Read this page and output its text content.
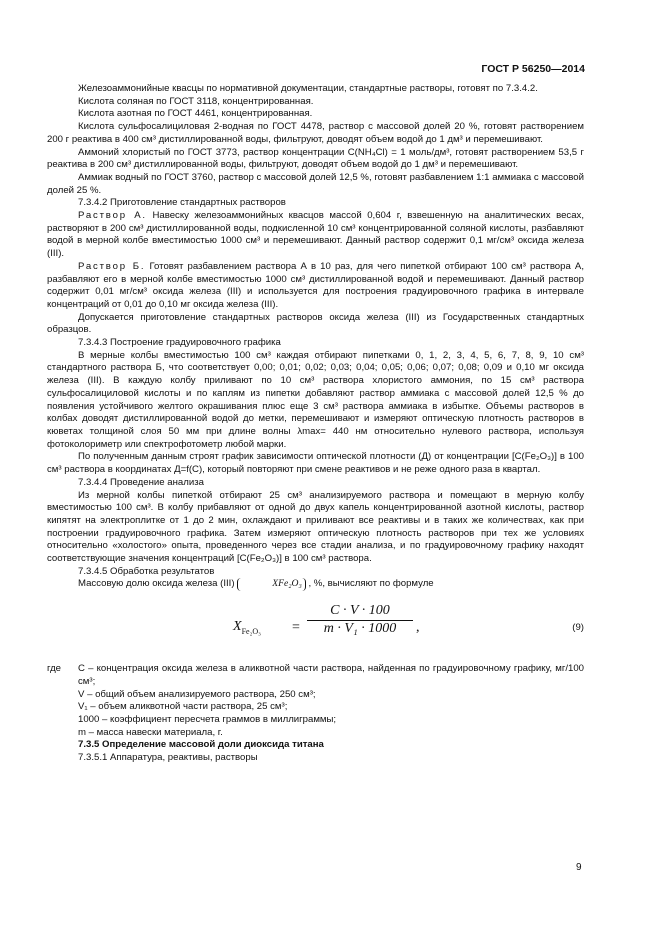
ГОСТ Р 56250—2014

Железоаммонийные квасцы по нормативной документации, стандартные растворы, готовят по 7.3.4.2.

Кислота соляная по ГОСТ 3118, концентрированная.

Кислота азотная по ГОСТ 4461, концентрированная.

Кислота сульфосалициловая 2-водная по ГОСТ 4478, раствор с массовой долей 20 %, готовят растворением 200 г реактива в 400 см³ дистиллированной воды, фильтруют, доводят объем водой до 1 дм³ и перемешивают.

Аммоний хлористый по ГОСТ 3773, раствор концентрации C(NH₄Cl) = 1 моль/дм³, готовят растворением 53,5 г реактива в 200 см³ дистиллированной воды, фильтруют, доводят объем водой до 1 дм³ и перемешивают.

Аммиак водный по ГОСТ 3760, раствор с массовой долей 12,5 %, готовят разбавлением 1:1 аммиака с массовой долей 25 %.

7.3.4.2 Приготовление стандартных растворов

Раствор А. Навеску железоаммонийных квасцов массой 0,604 г, взвешенную на аналитических весах, растворяют в 200 см³ дистиллированной воды, подкисленной 10 см³ концентрированной соляной кислоты, разбавляют водой в мерной колбе вместимостью 1000 см³ и перемешивают. Данный раствор содержит 0,1 мг/см³ оксида железа (III).

Раствор Б. Готовят разбавлением раствора А в 10 раз, для чего пипеткой отбирают 100 см³ раствора А, разбавляют его в мерной колбе вместимостью 1000 см³ дистиллированной водой и перемешивают. Данный раствор содержит 0,01 мг/см³ оксида железа (III) и используется для построения градуировочного графика в интервале концентраций от 0,01 до 0,10 мг оксида железа (III).

Допускается приготовление стандартных растворов оксида железа (III) из Государственных стандартных образцов.

7.3.4.3 Построение градуировочного графика

В мерные колбы вместимостью 100 см³ каждая отбирают пипетками 0, 1, 2, 3, 4, 5, 6, 7, 8, 9, 10 см³ стандартного раствора Б, что соответствует 0,00; 0,01; 0,02; 0,03; 0,04; 0,05; 0,06; 0,07; 0,08; 0,09 и 0,10 мг оксида железа (III). В каждую колбу приливают по 10 см³ раствора хлористого аммония, по 15 см³ раствора сульфосалициловой кислоты и по каплям из пипетки добавляют раствор аммиака с массовой долей 12,5 % до появления устойчивого желтого окрашивания плюс еще 3 см³ раствора аммиака в избытке. Объемы растворов в колбах доводят дистиллированной водой до метки, перемешивают и измеряют оптическую плотность растворов в кюветах толщиной слоя 50 мм при длине волны λmax= 440 нм относительно нулевого раствора, используя фотоколориметр или спектрофотометр любой марки.

По полученным данным строят график зависимости оптической плотности (Д) от концентрации [C(Fe₂O₃)] в 100 см³ раствора в координатах Д=f(C), который повторяют при смене реактивов и не реже одного раза в квартал.

7.3.4.4 Проведение анализа

Из мерной колбы пипеткой отбирают 25 см³ анализируемого раствора и помещают в мерную колбу вместимостью 100 см³. В колбу прибавляют от одной до двух капель концентрированной азотной кислоты, раствор кипятят на электроплитке от 1 до 2 мин, охлаждают и приливают все реактивы и в таких же количествах, как при построении градуировочного графика. Затем измеряют оптическую плотность растворов при тех же условиях относительно «холостого» опыта, проведенного через все стадии анализа, и по градуировочному графику находят соответствующие значения концентраций [C(Fe₂O₃)] в 100 см³ раствора.

7.3.4.5 Обработка результатов

Массовую долю оксида железа (III)	XFe₂O₃ , %, вычисляют по формуле

$X_{Fe_2O_3} = \frac{C \cdot V \cdot 100}{\text{m · V₁ · 1000}}$ ,	(9)
где C – концентрация оксида железа в аликвотной части раствора, найденная по градуировочному графику, мг/100 см³;

V – общий объем анализируемого раствора, 250 см³;

V₁ – объем аликвотной части раствора, 25 см³;

1000 – коэффициент пересчета граммов в миллиграммы;

m – масса навески материала, г.

7.3.5 Определение массовой доли диоксида титана

7.3.5.1 Аппаратура, реактивы, растворы

9
